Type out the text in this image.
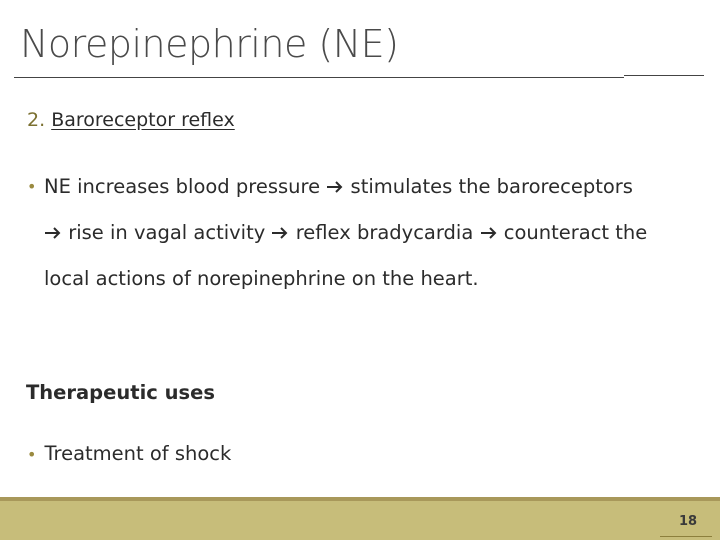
Norepinephrine (NE)
2. Baroreceptor reflex
• NE increases blood pressure stimulates the baroreceptors
rise in vagal activity reflex bradycardia counteract the
local actions of norepinephrine on the heart.
Therapeutic uses
• Treatment of shock
18
